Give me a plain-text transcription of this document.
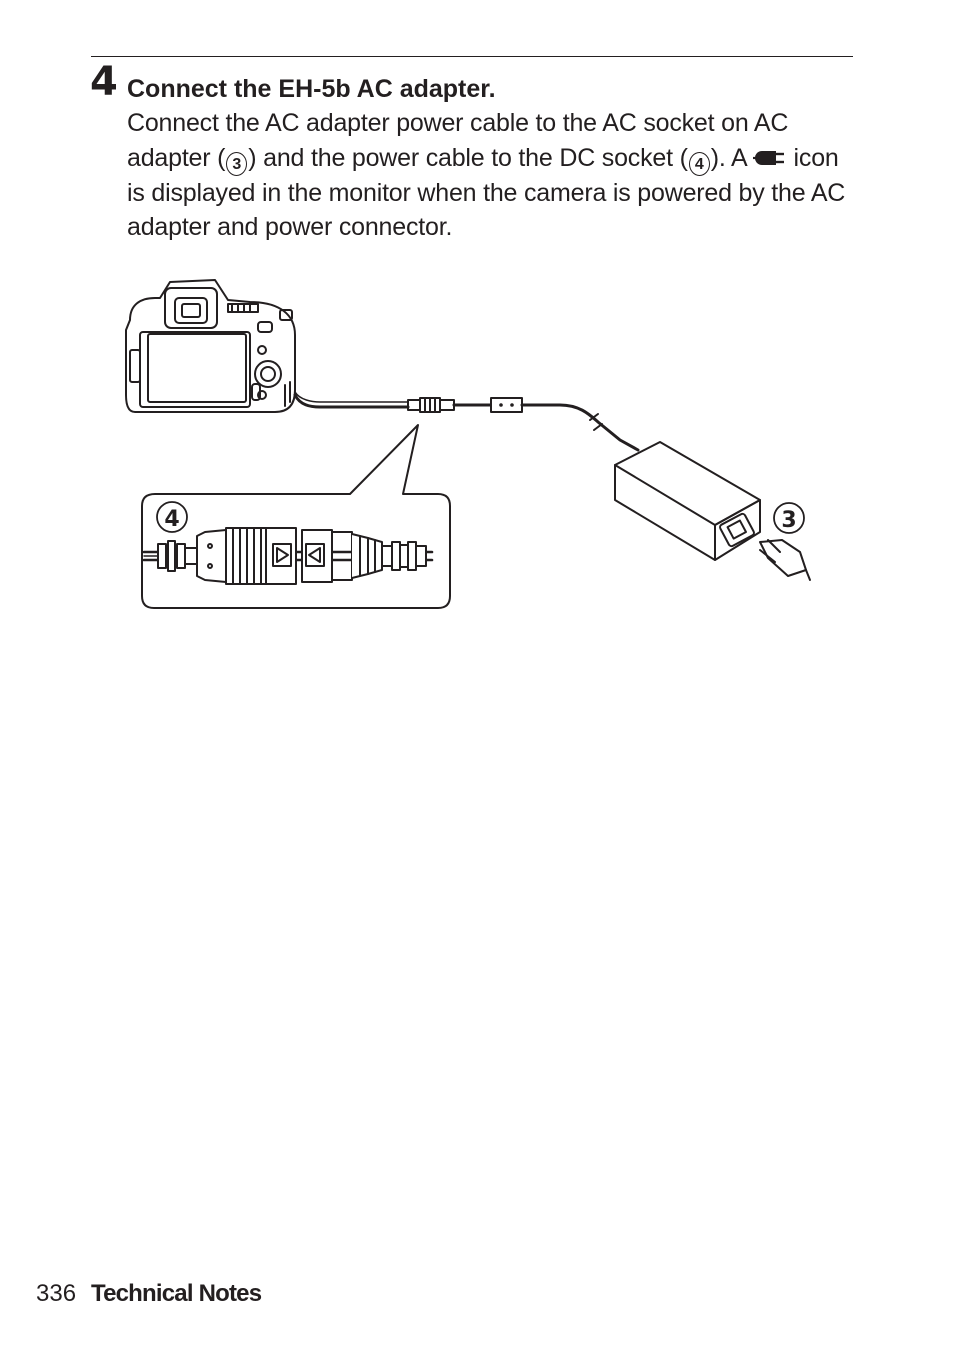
4 Connect the EH-5b AC adapter.
Connect the AC adapter power cable to the AC socket on AC adapter ( 3 ) and the power cable to the DC socket ( 4 ). A
icon is displayed in the monitor when the camera is powered by the AC adapter and power connector.
4	3
336 Technical Notes
